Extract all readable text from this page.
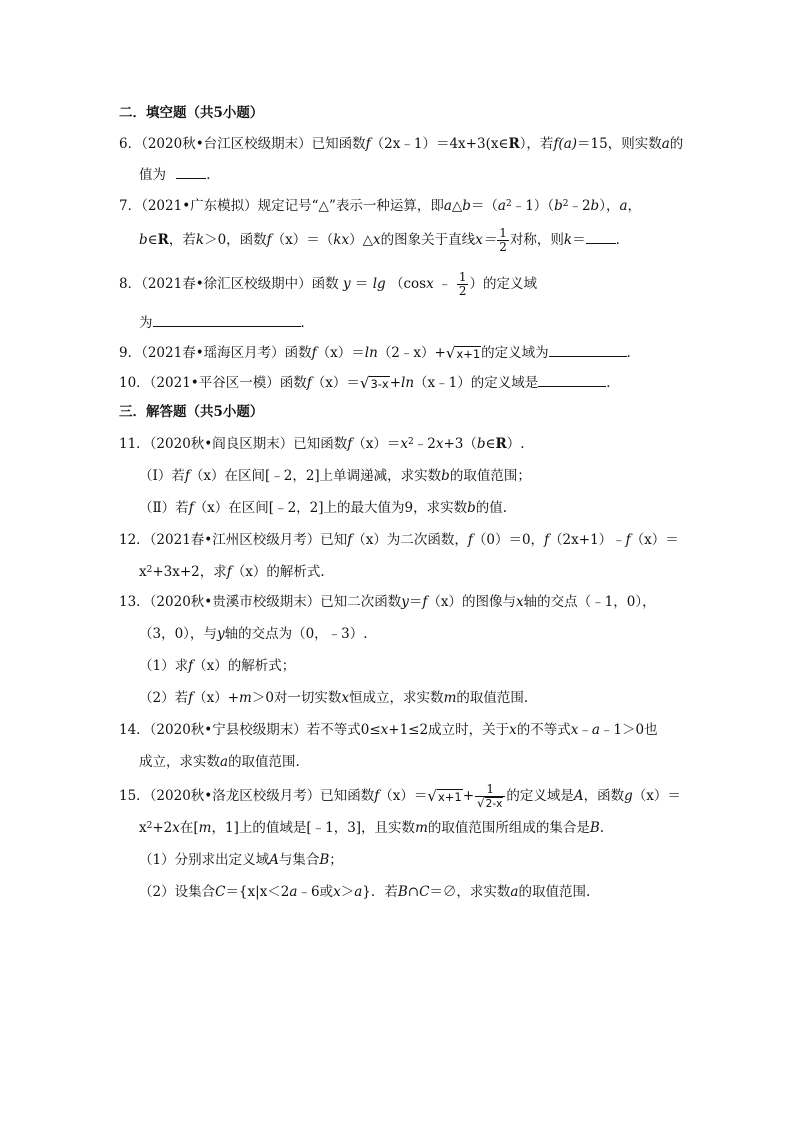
二．填空题（共5小题）
6．（2020秋•台江区校级期末）已知函数f（2x﹣1）＝4x+3(x∈R），若f(a)＝15，则实数a的
值为	．
7．（2021•广东模拟）规定记号“△”表示一种运算，即$a\triangle b=(a^2﹣1)(b^2﹣2b)$，a，
b∈R，若k＞0，函数f（x）＝（kx）△x的图象关于直线$x= \frac{1}{2}$ 对称，则k＝ ．
8．（2021春•徐汇区校级期中）函数 y ＝ lg （cosx ﹣ $\frac{1}{2}$ ）的定义域
为	．
9．（2021春•瑶海区月考）函数f（x）＝ln（2﹣x）+√x+1的定义域为	．
10．（2021•平谷区一模）函数f（x）＝√3-x+ln（x﹣1）的定义域是	．
三．解答题（共5小题）
11．（2020秋•阎良区期末）已知函数$f(x)=x^2﹣2x+3(b\in R)$.
（Ⅰ）若f（x）在区间[﹣2，2]上单调递减，求实数b的取值范围；
（Ⅱ）若f（x）在区间[﹣2，2]上的最大值为9，求实数b的值.
12．（2021春•江州区校级月考）已知f（x）为二次函数，f（0）＝0，f（2x+1）﹣f（x）＝
$x^2+3x+2$，求f（x）的解析式.
13．（2020秋•贵溪市校级期末）已知二次函数y＝f（x）的图像与x轴的交点（﹣1，0），
（3，0），与y轴的交点为（0，﹣3）.
（1）求f（x）的解析式；
（2）若f（x）+m＞0对一切实数x恒成立，求实数m的取值范围.
14．（2020秋•宁县校级期末）若不等式0≤x+1≤2成立时，关于x的不等式x﹣a﹣1＞0也
成立，求实数a的取值范围.
15．（2020秋•洛龙区校级月考）已知函数$f(x)=√x+1+ \frac{1}{√2-x}$ 的定义域是A，函数g（x）＝
$x^2+2x$在[m，1]上的值域是[﹣1，3]，且实数m的取值范围所组成的集合是B.
（1）分别求出定义域A与集合B；
（2）设集合C＝{x|x＜2a﹣6或x＞a}．若B∩C＝∅，求实数a的取值范围.
